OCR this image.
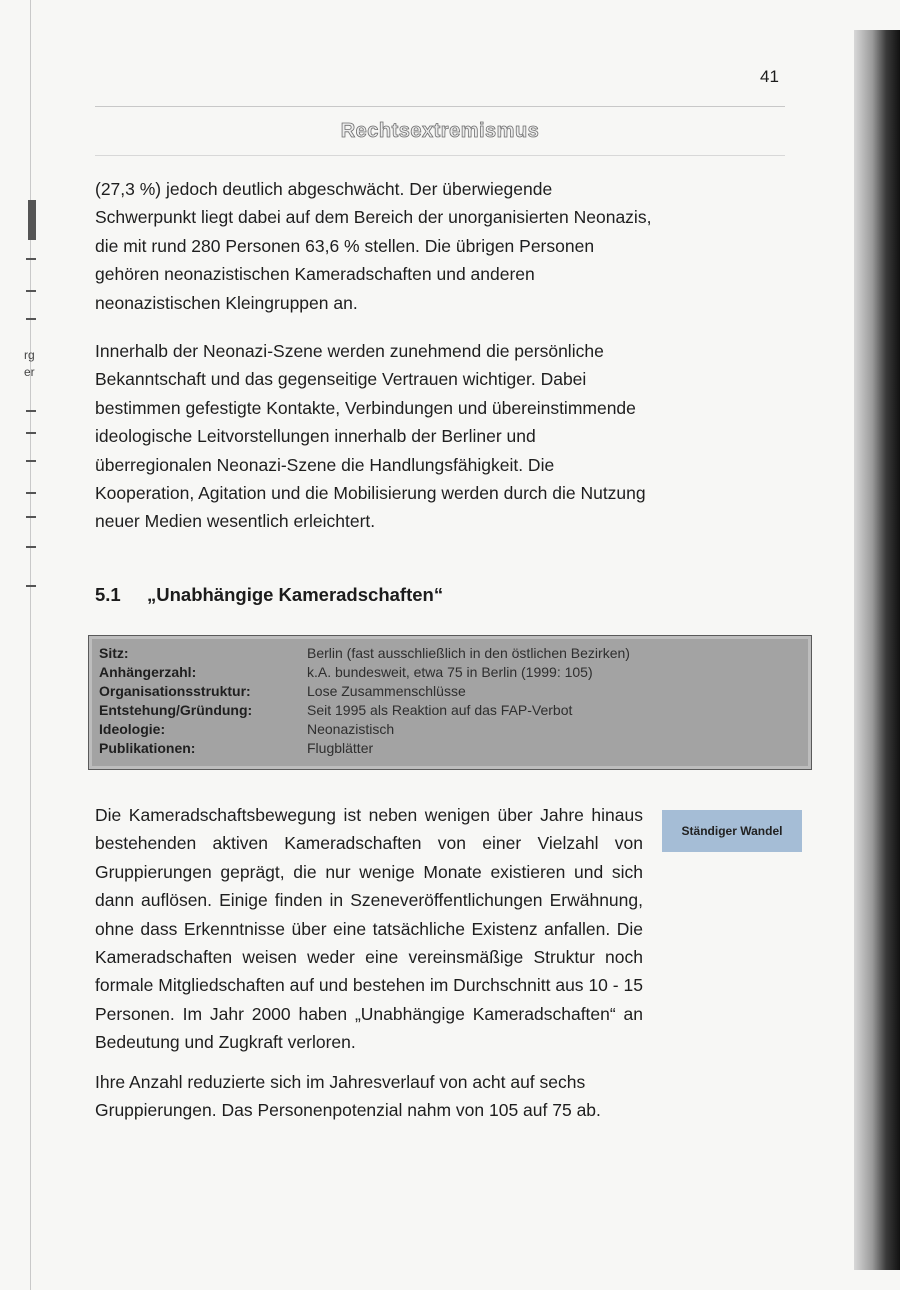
rg
er
41
Rechtsextremismus

(27,3 %) jedoch deutlich abgeschwächt. Der überwiegende Schwerpunkt liegt dabei auf dem Bereich der unorganisierten Neonazis, die mit rund 280 Personen 63,6 % stellen. Die übrigen Personen gehören neonazistischen Kameradschaften und anderen neonazistischen Kleingruppen an.

Innerhalb der Neonazi-Szene werden zunehmend die persönliche Bekanntschaft und das gegenseitige Vertrauen wichtiger. Dabei bestimmen gefestigte Kontakte, Verbindungen und übereinstimmende ideologische Leitvorstellungen innerhalb der Berliner und überregionalen Neonazi-Szene die Handlungsfähigkeit. Die Kooperation, Agitation und die Mobilisierung werden durch die Nutzung neuer Medien wesentlich erleichtert.

5.1 „Unabhängige Kameradschaften“
Sitz:	Berlin (fast ausschließlich in den östlichen Bezirken)
Anhängerzahl:	k.A. bundesweit, etwa 75 in Berlin (1999: 105)
Organisationsstruktur:	Lose Zusammenschlüsse
Entstehung/Gründung:	Seit 1995 als Reaktion auf das FAP-Verbot
Ideologie:	Neonazistisch
Publikationen:	Flugblätter

Die Kameradschaftsbewegung ist neben wenigen über Jahre hinaus bestehenden aktiven Kameradschaften von einer Vielzahl von Gruppierungen geprägt, die nur wenige Monate existieren und sich dann auflösen. Einige finden in Szeneveröffentlichungen Erwähnung, ohne dass Erkenntnisse über eine tatsächliche Existenz anfallen. Die Kameradschaften weisen weder eine vereinsmäßige Struktur noch formale Mitgliedschaften auf und bestehen im Durchschnitt aus 10 - 15 Personen. Im Jahr 2000 haben „Unabhängige Kameradschaften“ an Bedeutung und Zugkraft verloren.

Ihre Anzahl reduzierte sich im Jahresverlauf von acht auf sechs Gruppierungen. Das Personenpotenzial nahm von 105 auf 75 ab.

Ständiger Wandel
